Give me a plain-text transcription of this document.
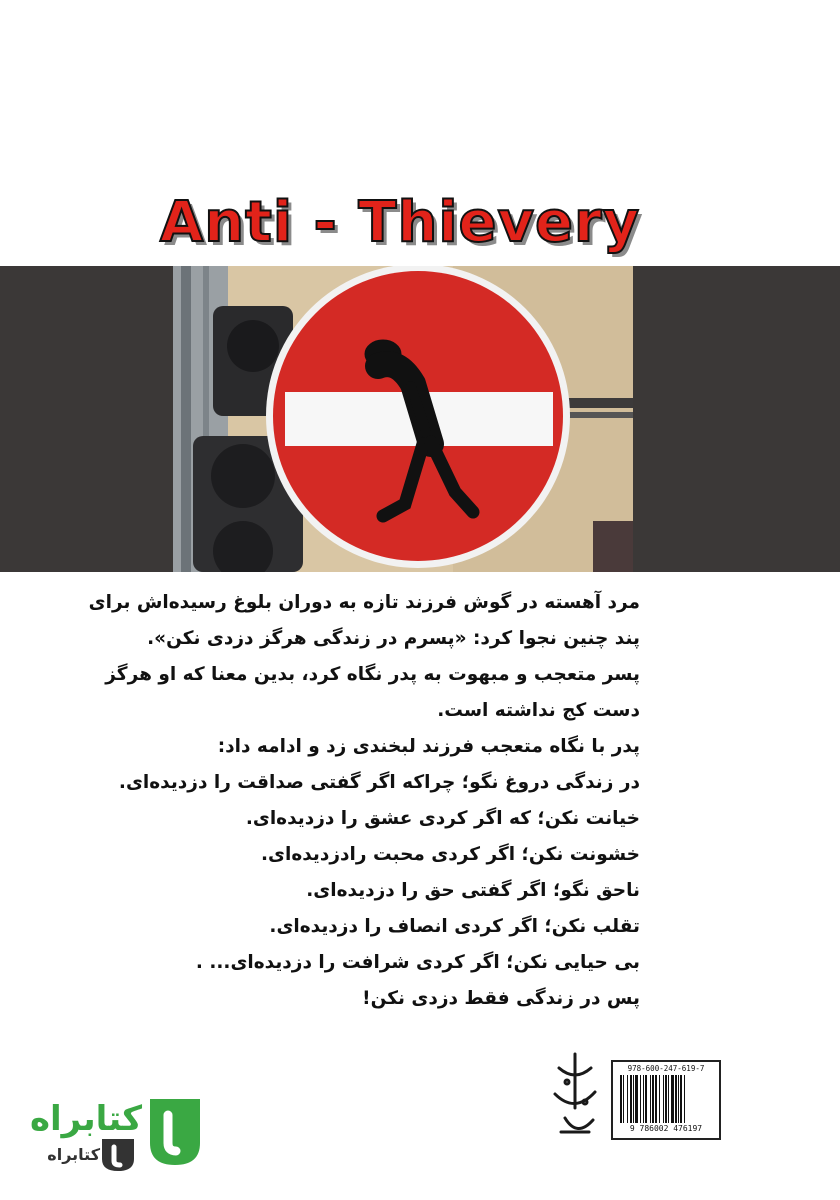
Anti - Thievery

مرد آهسته در گوش فرزند تازه به دوران بلوغ رسیده‌اش برای

پند چنین نجوا کرد: «پسرم در زندگی هرگز دزدی نکن».

پسر متعجب و مبهوت به پدر نگاه کرد، بدین معنا که او هرگز

دست کج نداشته است.

پدر با نگاه متعجب فرزند لبخندی زد و ادامه داد:

در زندگی دروغ نگو؛ چراکه اگر گفتی صداقت را دزدیده‌ای.

خیانت نکن؛ که اگر کردی عشق را دزدیده‌ای.

خشونت نکن؛ اگر کردی محبت رادزدیده‌ای.

ناحق نگو؛ اگر گفتی حق را دزدیده‌ای.

تقلب نکن؛ اگر کردی انصاف را دزدیده‌ای.

بی حیایی نکن؛ اگر کردی شرافت را دزدیده‌ای... .

پس در زندگی فقط دزدی نکن!

978-600-247-619-7
9 786002 476197
کتابراه
کتابراه
